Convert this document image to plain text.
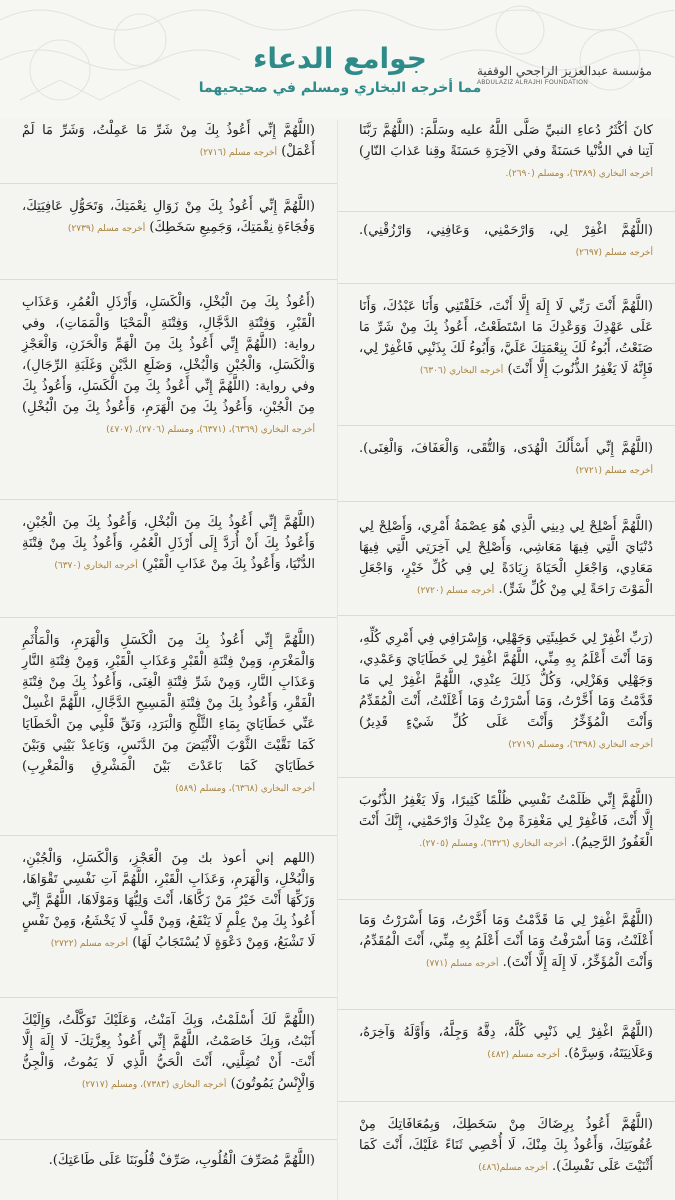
جوامع الدعاء
مما أخرجه البخاري ومسلم في صحيحيهما
مؤسسة عبدالعزيز الراجحي الوقفية
ABDULAZIZ ALRAJHI FOUNDATION

كانَ أكْثَرُ دُعاءِ النبيِّ صَلَّى اللَّهُ عليه وسَلَّمَ: (اللَّهُمَّ رَبَّنَا آتِنا في الدُّنْيا حَسَنَةً وفي الآخِرَةِ حَسَنَةً وقِنا عَذابَ النّارِ) أخرجه البخاري (٦٣٨٩)، ومسلم (٢٦٩٠).

(اللَّهُمَّ اغْفِرْ لِي، وَارْحَمْنِي، وَعَافِنِي، وَارْزُقْنِي). أخرجه مسلم (٢٦٩٧)

(اللَّهُمَّ أَنْتَ رَبِّي لَا إِلَهَ إِلَّا أَنْتَ، خَلَقْتَنِي وَأَنَا عَبْدُكَ، وَأَنَا عَلَى عَهْدِكَ وَوَعْدِكَ مَا اسْتَطَعْتُ، أَعُوذُ بِكَ مِنْ شَرِّ مَا صَنَعْتُ، أَبُوءُ لَكَ بِنِعْمَتِكَ عَلَيَّ، وَأَبُوءُ لَكَ بِذَنْبِي فَاغْفِرْ لِي، فَإِنَّهُ لَا يَغْفِرُ الذُّنُوبَ إِلَّا أَنْتَ) أخرجه البخاري (٦٣٠٦)

(اللَّهُمَّ إِنِّي أَسْأَلُكَ الْهُدَى، وَالتُّقَى، وَالْعَفَافَ، وَالْغِنَى). أخرجه مسلم (٢٧٢١)

(اللَّهُمَّ أَصْلِحْ لِي دِينِي الَّذِي هُوَ عِصْمَةُ أَمْرِي، وَأَصْلِحْ لِي دُنْيَايَ الَّتِي فِيهَا مَعَاشِي، وَأَصْلِحْ لِي آخِرَتِي الَّتِي فِيهَا مَعَادِي، وَاجْعَلِ الْحَيَاةَ زِيَادَةً لِي فِي كُلِّ خَيْرٍ، وَاجْعَلِ الْمَوْتَ رَاحَةً لِي مِنْ كُلِّ شَرٍّ). أخرجه مسلم (٢٧٢٠)

(رَبِّ اغْفِرْ لِي خَطِيئَتِي وَجَهْلِي، وَإِسْرَافِي فِي أَمْرِي كُلِّهِ، وَمَا أَنْتَ أَعْلَمُ بِهِ مِنِّي، اللَّهُمَّ اغْفِرْ لِي خَطَايَايَ وَعَمْدِي، وَجَهْلِي وَهَزْلِي، وَكُلُّ ذَلِكَ عِنْدِي، اللَّهُمَّ اغْفِرْ لِي مَا قَدَّمْتُ وَمَا أَخَّرْتُ، وَمَا أَسْرَرْتُ وَمَا أَعْلَنْتُ، أَنْتَ الْمُقَدِّمُ وَأَنْتَ الْمُؤَخِّرُ وَأَنْتَ عَلَى كُلِّ شَيْءٍ قَدِيرٌ) أخرجه البخاري (٦٣٩٨)، ومسلم (٢٧١٩)

(اللَّهُمَّ إِنِّي ظَلَمْتُ نَفْسِي ظُلْمًا كَثِيرًا، وَلَا يَغْفِرُ الذُّنُوبَ إِلَّا أَنْتَ، فَاغْفِرْ لِي مَغْفِرَةً مِنْ عِنْدِكَ وَارْحَمْنِي، إِنَّكَ أَنْتَ الْغَفُورُ الرَّحِيمُ). أخرجه البخاري (٦٣٢٦)، ومسلم (٢٧٠٥).

(اللَّهُمَّ اغْفِرْ لِي مَا قَدَّمْتُ وَمَا أَخَّرْتُ، وَمَا أَسْرَرْتُ وَمَا أَعْلَنْتُ، وَمَا أَسْرَفْتُ وَمَا أَنْتَ أَعْلَمُ بِهِ مِنِّي، أَنْتَ الْمُقَدِّمُ، وَأَنْتَ الْمُؤَخِّرُ، لَا إِلَهَ إِلَّا أَنْتَ). أخرجه مسلم (٧٧١)

(اللَّهُمَّ اغْفِرْ لِي ذَنْبِي كُلَّهُ، دِقَّهُ وَجِلَّهُ، وَأَوَّلَهُ وَآخِرَهُ، وَعَلَانِيَتَهُ، وَسِرَّهُ). أخرجه مسلم (٤٨٢)

(اللَّهُمَّ أَعُوذُ بِرِضَاكَ مِنْ سَخَطِكَ، وَبِمُعَافَاتِكَ مِنْ عُقُوبَتِكَ، وَأَعُوذُ بِكَ مِنْكَ، لَا أُحْصِي ثَنَاءً عَلَيْكَ، أَنْتَ كَمَا أَثْنَيْتَ عَلَى نَفْسِكَ). أخرجه مسلم(٤٨٦)

(اللَّهُمَّ إِنِّي أَعُوذُ بِكَ مِنْ شَرِّ مَا عَمِلْتُ، وَشَرِّ مَا لَمْ أَعْمَلْ) أخرجه مسلم (٢٧١٦)

(اللَّهُمَّ إِنِّي أَعُوذُ بِكَ مِنْ زَوَالِ نِعْمَتِكَ، وَتَحَوُّلِ عَافِيَتِكَ، وَفُجَاءَةِ نِقْمَتِكَ، وَجَمِيعِ سَخَطِكَ) أخرجه مسلم (٢٧٣٩)

(أَعُوذُ بِكَ مِنَ الْبُخْلِ، وَالْكَسَلِ، وَأَرْذَلِ الْعُمُرِ، وَعَذَابِ الْقَبْرِ، وَفِتْنَةِ الدَّجَّالِ، وَفِتْنَةِ الْمَحْيَا وَالْمَمَاتِ)، وفي رواية: (اللَّهُمَّ إِنِّي أَعُوذُ بِكَ مِنَ الْهَمِّ وَالْحَزَنِ، وَالْعَجْزِ وَالْكَسَلِ، وَالْجُبْنِ وَالْبُخْلِ، وَضَلَعِ الدَّيْنِ وَغَلَبَةِ الرِّجَالِ)، وفي رواية: (اللَّهُمَّ إِنِّي أَعُوذُ بِكَ مِنَ الْكَسَلِ، وَأَعُوذُ بِكَ مِنَ الْجُبْنِ، وَأَعُوذُ بِكَ مِنَ الْهَرَمِ، وَأَعُوذُ بِكَ مِنَ الْبُخْلِ) أخرجه البخاري (٦٣٦٩)، (٦٣٧١)، ومسلم (٢٧٠٦)، (٤٧٠٧)

(اللَّهُمَّ إِنِّي أَعُوذُ بِكَ مِنَ الْبُخْلِ، وَأَعُوذُ بِكَ مِنَ الْجُبْنِ، وَأَعُوذُ بِكَ أَنْ أُرَدَّ إِلَى أَرْذَلِ الْعُمُرِ، وَأَعُوذُ بِكَ مِنْ فِتْنَةِ الدُّنْيَا، وَأَعُوذُ بِكَ مِنْ عَذَابِ الْقَبْرِ) أخرجه البخاري (٦٣٧٠)

(اللَّهُمَّ إِنِّي أَعُوذُ بِكَ مِنَ الْكَسَلِ وَالْهَرَمِ، وَالْمَأْثَمِ وَالْمَغْرَمِ، وَمِنْ فِتْنَةِ الْقَبْرِ وَعَذَابِ الْقَبْرِ، وَمِنْ فِتْنَةِ النَّارِ وَعَذَابِ النَّارِ، وَمِنْ شَرِّ فِتْنَةِ الْغِنَى، وَأَعُوذُ بِكَ مِنْ فِتْنَةِ الْفَقْرِ، وَأَعُوذُ بِكَ مِنْ فِتْنَةِ الْمَسِيحِ الدَّجَّالِ، اللَّهُمَّ اغْسِلْ عَنِّي خَطَايَايَ بِمَاءِ الثَّلْجِ وَالْبَرَدِ، وَنَقِّ قَلْبِي مِنَ الْخَطَايَا كَمَا نَقَّيْتَ الثَّوْبَ الْأَبْيَضَ مِنَ الدَّنَسِ، وَبَاعِدْ بَيْنِي وَبَيْنَ خَطَايَايَ كَمَا بَاعَدْتَ بَيْنَ الْمَشْرِقِ وَالْمَغْرِبِ) أخرجه البخاري (٦٣٦٨)، ومسلم (٥٨٩)

(اللهم إني أعوذ بك مِنَ الْعَجْزِ، وَالْكَسَلِ، وَالْجُبْنِ، وَالْبُخْلِ، وَالْهَرَمِ، وَعَذَابِ الْقَبْرِ، اللَّهُمَّ آتِ نَفْسِي تَقْوَاهَا، وَزَكِّهَا أَنْتَ خَيْرُ مَنْ زَكَّاهَا، أَنْتَ وَلِيُّهَا وَمَوْلَاهَا، اللَّهُمَّ إِنِّي أَعُوذُ بِكَ مِنْ عِلْمٍ لَا يَنْفَعُ، وَمِنْ قَلْبٍ لَا يَخْشَعُ، وَمِنْ نَفْسٍ لَا تَشْبَعُ، وَمِنْ دَعْوَةٍ لَا يُسْتَجَابُ لَهَا) أخرجه مسلم (٢٧٢٢)

(اللَّهُمَّ لَكَ أَسْلَمْتُ، وَبِكَ آمَنْتُ، وَعَلَيْكَ تَوَكَّلْتُ، وَإِلَيْكَ أَنَبْتُ، وَبِكَ خَاصَمْتُ، اللَّهُمَّ إِنِّي أَعُوذُ بِعِزَّتِكَ- لَا إِلَهَ إِلَّا أَنْتَ- أَنْ تُضِلَّنِي، أَنْتَ الْحَيُّ الَّذِي لَا يَمُوتُ، وَالْجِنُّ وَالْإِنْسُ يَمُوتُونَ) أخرجه البخاري (٧٣٨٣)، ومسلم (٢٧١٧)

(اللَّهُمَّ مُصَرِّفَ الْقُلُوبِ، صَرِّفْ قُلُوبَنَا عَلَى طَاعَتِكَ).
